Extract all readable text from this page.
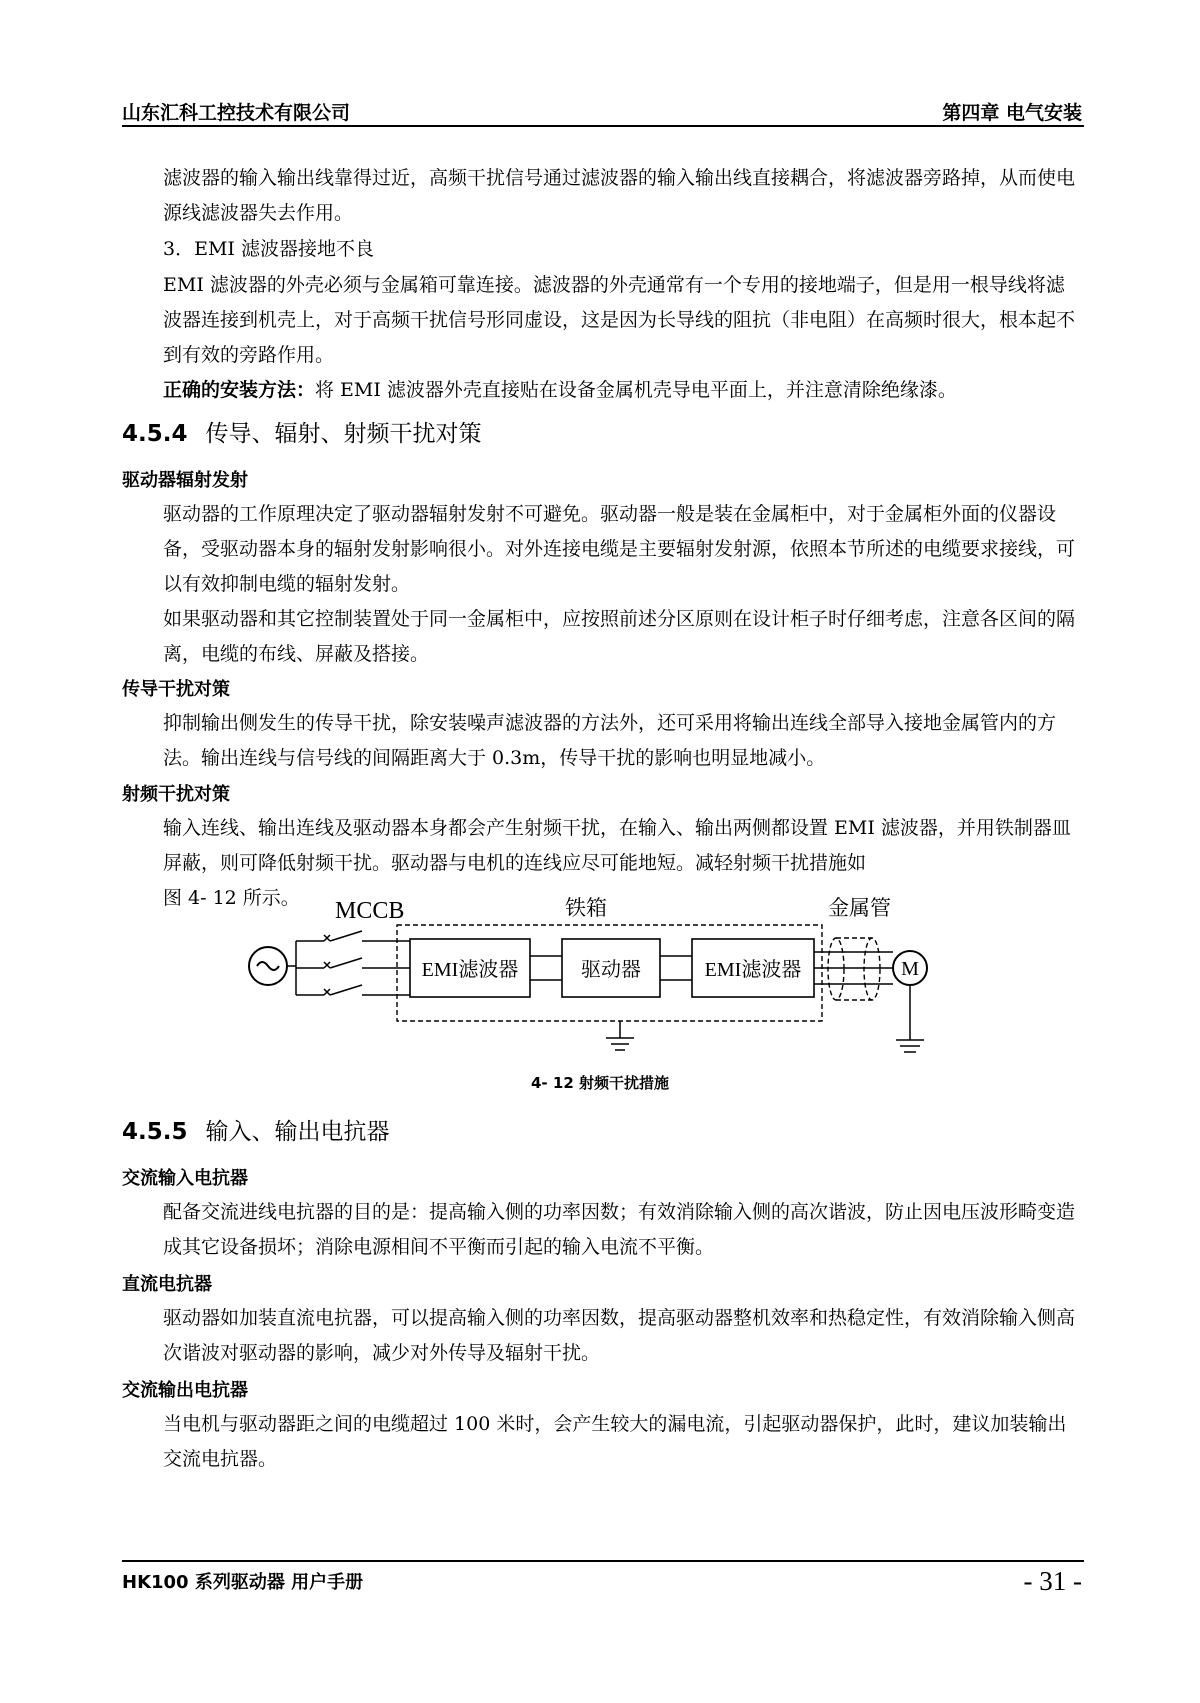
山东汇科工控技术有限公司	第四章 电气安装

滤波器的输入输出线靠得过近，高频干扰信号通过滤波器的输入输出线直接耦合，将滤波器旁路掉，从而使电源线滤波器失去作用。

3．EMI 滤波器接地不良

EMI 滤波器的外壳必须与金属箱可靠连接。滤波器的外壳通常有一个专用的接地端子，但是用一根导线将滤波器连接到机壳上，对于高频干扰信号形同虚设，这是因为长导线的阻抗（非电阻）在高频时很大，根本起不到有效的旁路作用。

正确的安装方法：将 EMI 滤波器外壳直接贴在设备金属机壳导电平面上，并注意清除绝缘漆。

4.5.4 传导、辐射、射频干扰对策
驱动器辐射发射

驱动器的工作原理决定了驱动器辐射发射不可避免。驱动器一般是装在金属柜中，对于金属柜外面的仪器设备，受驱动器本身的辐射发射影响很小。对外连接电缆是主要辐射发射源，依照本节所述的电缆要求接线，可以有效抑制电缆的辐射发射。

如果驱动器和其它控制装置处于同一金属柜中，应按照前述分区原则在设计柜子时仔细考虑，注意各区间的隔离，电缆的布线、屏蔽及搭接。

传导干扰对策

抑制输出侧发生的传导干扰，除安装噪声滤波器的方法外，还可采用将输出连线全部导入接地金属管内的方法。输出连线与信号线的间隔距离大于 0.3m，传导干扰的影响也明显地减小。

射频干扰对策

输入连线、输出连线及驱动器本身都会产生射频干扰，在输入、输出两侧都设置 EMI 滤波器，并用铁制器皿屏蔽，则可降低射频干扰。驱动器与电机的连线应尽可能地短。减轻射频干扰措施如

图 4- 12 所示。 MCCB	铁箱	金属管
EMI滤波器	驱动器	EMI滤波器	M
4- 12 射频干扰措施
4.5.5 输入、输出电抗器
交流输入电抗器

配备交流进线电抗器的目的是：提高输入侧的功率因数；有效消除输入侧的高次谐波，防止因电压波形畸变造成其它设备损坏；消除电源相间不平衡而引起的输入电流不平衡。

直流电抗器

驱动器如加装直流电抗器，可以提高输入侧的功率因数，提高驱动器整机效率和热稳定性，有效消除输入侧高次谐波对驱动器的影响，减少对外传导及辐射干扰。

交流输出电抗器

当电机与驱动器距之间的电缆超过 100 米时，会产生较大的漏电流，引起驱动器保护，此时，建议加装输出交流电抗器。

HK100 系列驱动器 用户手册	- 31 -
